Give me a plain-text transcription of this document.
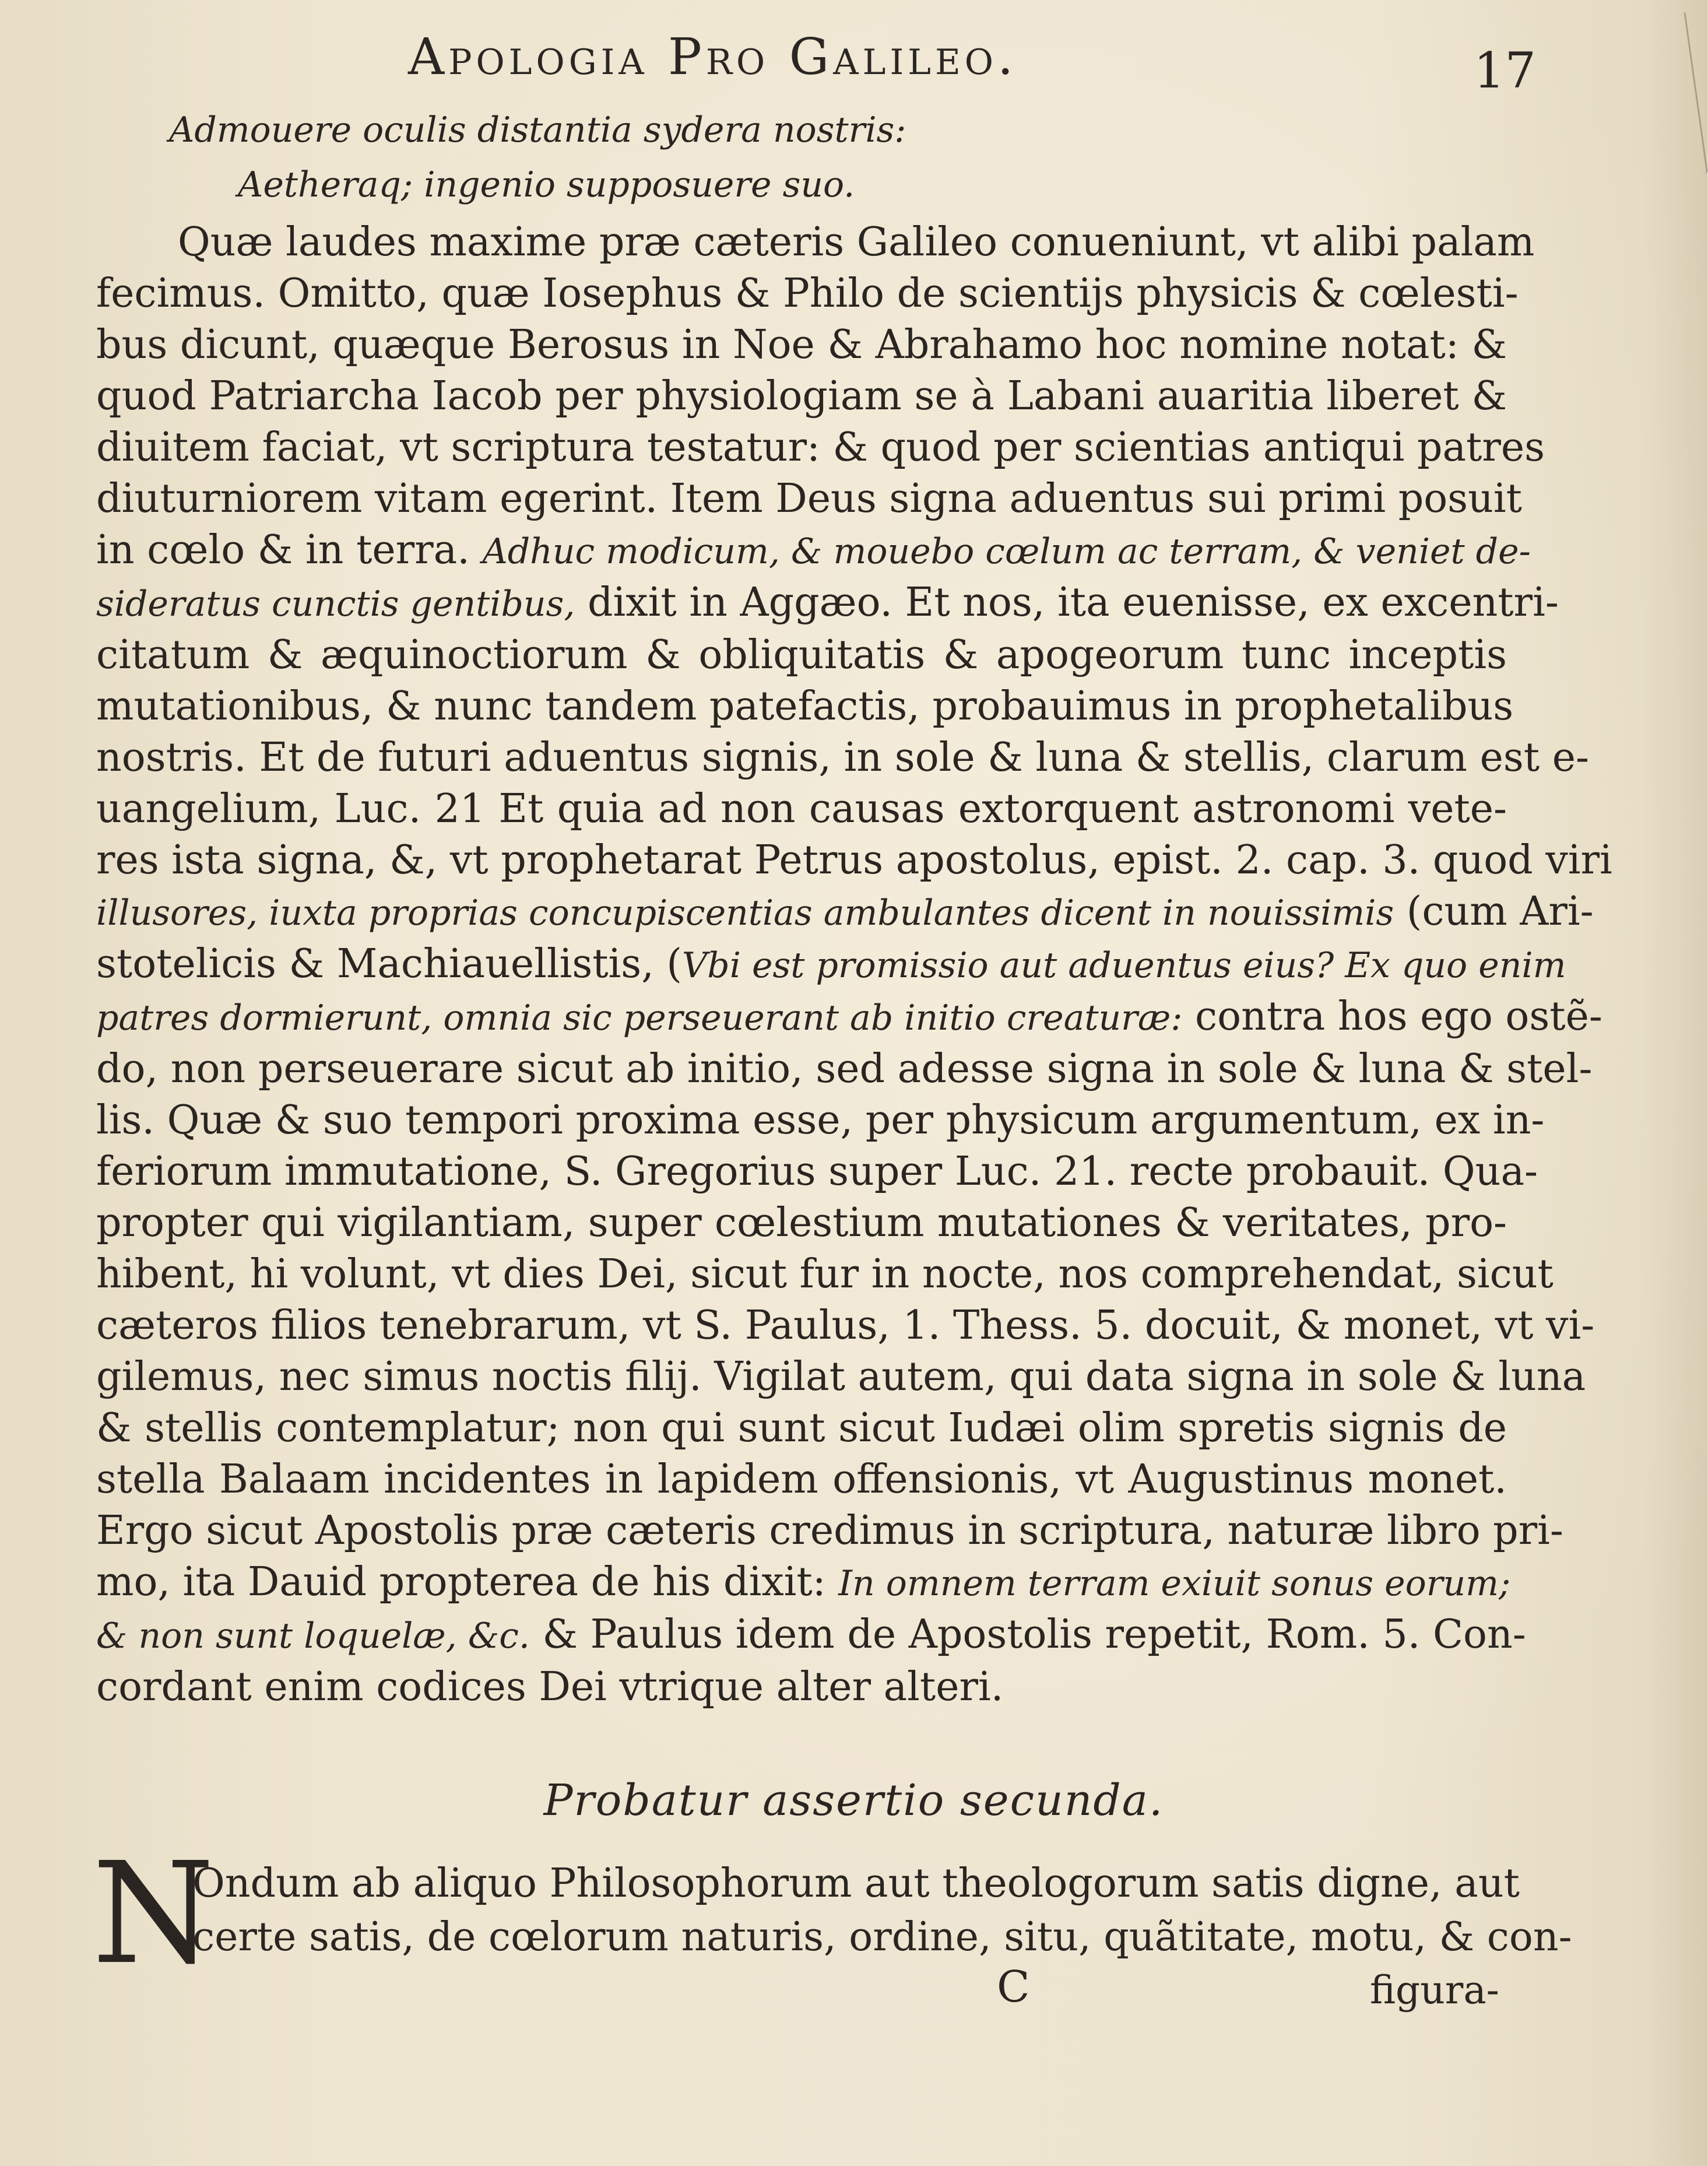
Apologia Pro Galileo.	17
Admouere oculis distantia sydera nostris:
Aetheraq; ingenio supposuere suo.
Quæ laudes maxime præ cæteris Galileo conueniunt, vt alibi palam
fecimus. Omitto, quæ Iosephus & Philo de scientijs physicis & cœlesti-
bus dicunt, quæque Berosus in Noe & Abrahamo hoc nomine notat: &
quod Patriarcha Iacob per physiologiam se à Labani auaritia liberet &
diuitem faciat, vt scriptura testatur: & quod per scientias antiqui patres
diuturniorem vitam egerint. Item Deus signa aduentus sui primi posuit
in cœlo & in terra. Adhuc modicum, & mouebo cœlum ac terram, & veniet de-
sideratus cunctis gentibus, dixit in Aggæo. Et nos, ita euenisse, ex excentri-
citatum & æquinoctiorum & obliquitatis & apogeorum tunc inceptis
mutationibus, & nunc tandem patefactis, probauimus in prophetalibus
nostris. Et de futuri aduentus signis, in sole & luna & stellis, clarum est e-
uangelium, Luc. 21 Et quia ad non causas extorquent astronomi vete-
res ista signa, &, vt prophetarat Petrus apostolus, epist. 2. cap. 3. quod viri
illusores, iuxta proprias concupiscentias ambulantes dicent in nouissimis (cum Ari-
stotelicis & Machiauellistis, (Vbi est promissio aut aduentus eius? Ex quo enim
patres dormierunt, omnia sic perseuerant ab initio creaturæ: contra hos ego ostẽ-
do, non perseuerare sicut ab initio, sed adesse signa in sole & luna & stel-
lis. Quæ & suo tempori proxima esse, per physicum argumentum, ex in-
feriorum immutatione, S. Gregorius super Luc. 21. recte probauit. Qua-
propter qui vigilantiam, super cœlestium mutationes & veritates, pro-
hibent, hi volunt, vt dies Dei, sicut fur in nocte, nos comprehendat, sicut
cæteros filios tenebrarum, vt S. Paulus, 1. Thess. 5. docuit, & monet, vt vi-
gilemus, nec simus noctis filij. Vigilat autem, qui data signa in sole & luna
& stellis contemplatur; non qui sunt sicut Iudæi olim spretis signis de
stella Balaam incidentes in lapidem offensionis, vt Augustinus monet.
Ergo sicut Apostolis præ cæteris credimus in scriptura, naturæ libro pri-
mo, ita Dauid propterea de his dixit: In omnem terram exiuit sonus eorum;
& non sunt loquelæ, &c. & Paulus idem de Apostolis repetit, Rom. 5. Con-
cordant enim codices Dei vtrique alter alteri.
Probatur assertio secunda.
N
Ondum ab aliquo Philosophorum aut theologorum satis digne, aut
certe satis, de cœlorum naturis, ordine, situ, quãtitate, motu, & con-
C	figura-
